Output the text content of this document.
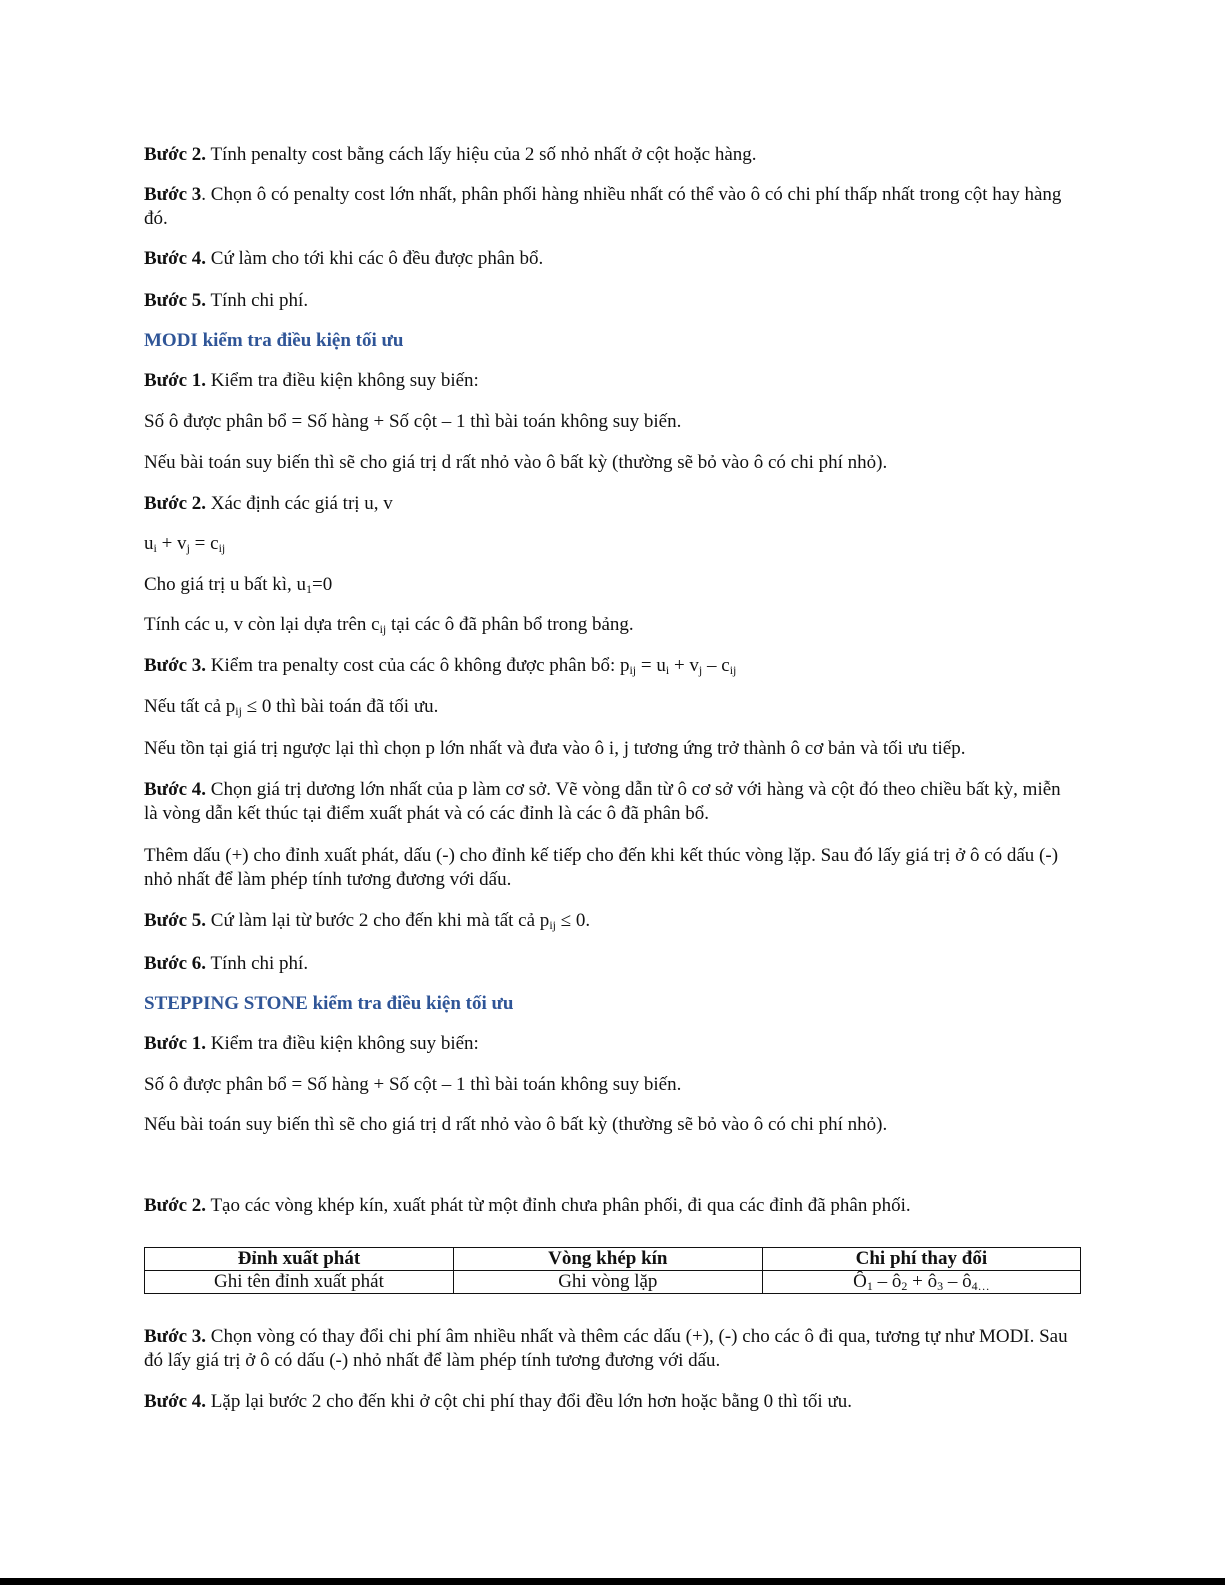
Bước 2. Tính penalty cost bằng cách lấy hiệu của 2 số nhỏ nhất ở cột hoặc hàng.
Bước 3. Chọn ô có penalty cost lớn nhất, phân phối hàng nhiều nhất có thể vào ô có chi phí thấp nhất trong cột hay hàng đó.
Bước 4. Cứ làm cho tới khi các ô đều được phân bổ.
Bước 5. Tính chi phí.
MODI kiểm tra điều kiện tối ưu
Bước 1. Kiểm tra điều kiện không suy biến:
Số ô được phân bổ = Số hàng + Số cột – 1 thì bài toán không suy biến.
Nếu bài toán suy biến thì sẽ cho giá trị d rất nhỏ vào ô bất kỳ (thường sẽ bỏ vào ô có chi phí nhỏ).
Bước 2. Xác định các giá trị u, v
$u_i + v_j = c_{ij}$
Cho giá trị u bất kì, $u_1=0$
Tính các u, v còn lại dựa trên $c_{ij}$ tại các ô đã phân bổ trong bảng.
Bước 3. Kiểm tra penalty cost của các ô không được phân bổ: $p_{ij} = u_i + v_j - c_{ij}$
Nếu tất cả $p_{ij} \le 0$ thì bài toán đã tối ưu.
Nếu tồn tại giá trị ngược lại thì chọn p lớn nhất và đưa vào ô i, j tương ứng trở thành ô cơ bản và tối ưu tiếp.
Bước 4. Chọn giá trị dương lớn nhất của p làm cơ sở. Vẽ vòng dẫn từ ô cơ sở với hàng và cột đó theo chiều bất kỳ, miễn là vòng dẫn kết thúc tại điểm xuất phát và có các đỉnh là các ô đã phân bổ.
Thêm dấu (+) cho đỉnh xuất phát, dấu (-) cho đỉnh kế tiếp cho đến khi kết thúc vòng lặp. Sau đó lấy giá trị ở ô có dấu (-) nhỏ nhất để làm phép tính tương đương với dấu.
Bước 5. Cứ làm lại từ bước 2 cho đến khi mà tất cả $p_{ij} \le 0$.
Bước 6. Tính chi phí.
STEPPING STONE kiểm tra điều kiện tối ưu
Bước 1. Kiểm tra điều kiện không suy biến:
Số ô được phân bổ = Số hàng + Số cột – 1 thì bài toán không suy biến.
Nếu bài toán suy biến thì sẽ cho giá trị d rất nhỏ vào ô bất kỳ (thường sẽ bỏ vào ô có chi phí nhỏ).
Bước 2. Tạo các vòng khép kín, xuất phát từ một đỉnh chưa phân phối, đi qua các đỉnh đã phân phối.
Đỉnh xuất phát	Vòng khép kín	Chi phí thay đổi
Ghi tên đỉnh xuất phát	Ghi vòng lặp	$Ô_1$ – $ô_2$ + $ô_3$ – $ô_{4\dots}$
Bước 3. Chọn vòng có thay đổi chi phí âm nhiều nhất và thêm các dấu (+), (-) cho các ô đi qua, tương tự như MODI. Sau đó lấy giá trị ở ô có dấu (-) nhỏ nhất để làm phép tính tương đương với dấu.
Bước 4. Lặp lại bước 2 cho đến khi ở cột chi phí thay đổi đều lớn hơn hoặc bằng 0 thì tối ưu.
